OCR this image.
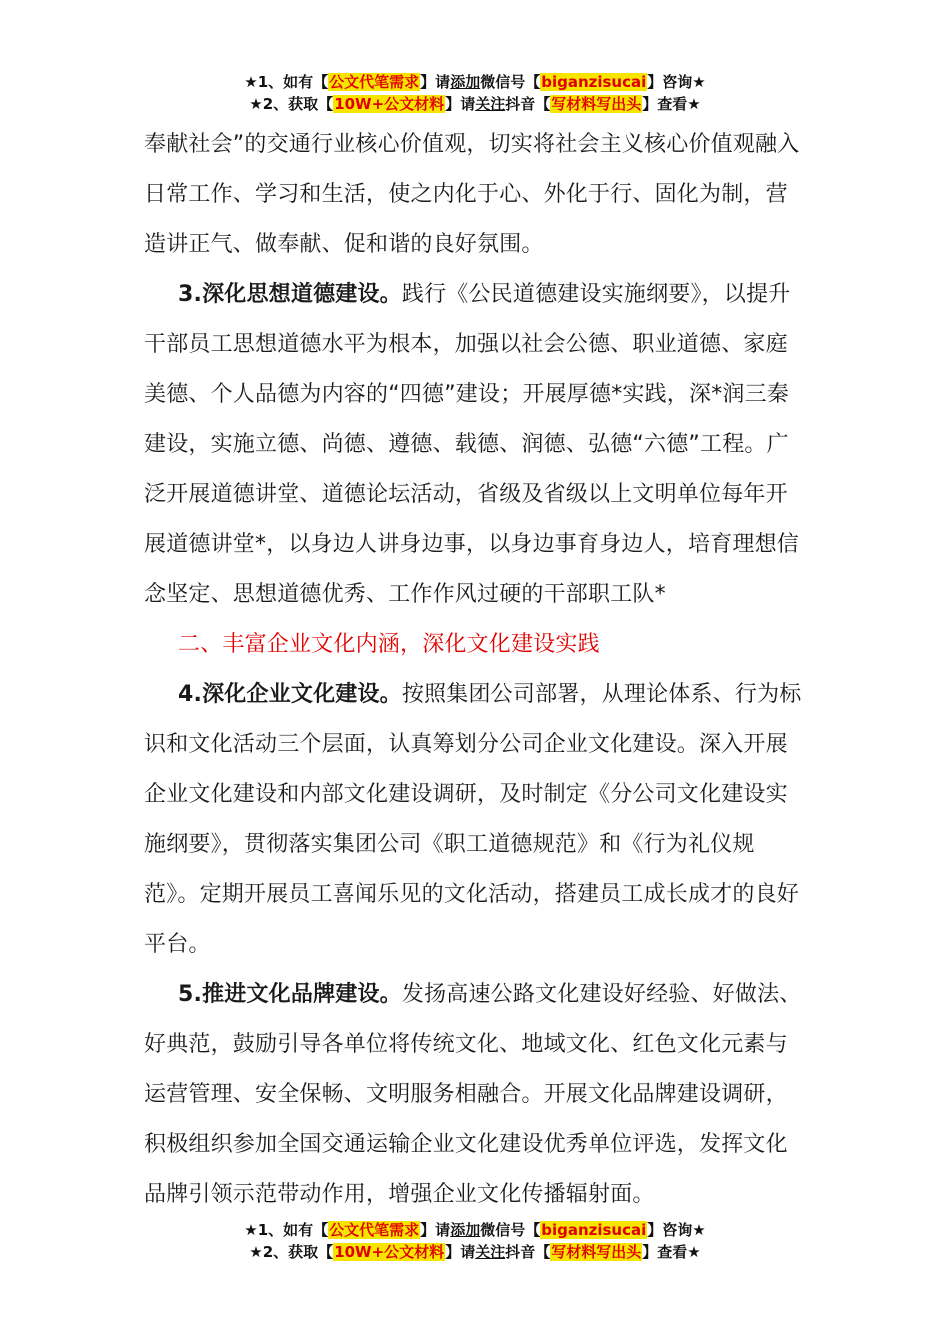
★1、如有【公文代笔需求】请添加微信号【biganzisucai】咨询★
★2、获取【10W+公文材料】请关注抖音【写材料写出头】查看★

奉献社会”的交通行业核心价值观，切实将社会主义核心价值观融入日常工作、学习和生活，使之内化于心、外化于行、固化为制，营造讲正气、做奉献、促和谐的良好氛围。

3.深化思想道德建设。践行《公民道德建设实施纲要》，以提升干部员工思想道德水平为根本，加强以社会公德、职业道德、家庭美德、个人品德为内容的“四德”建设；开展厚德*实践，深*润三秦建设，实施立德、尚德、遵德、载德、润德、弘德“六德”工程。广泛开展道德讲堂、道德论坛活动，省级及省级以上文明单位每年开展道德讲堂*，以身边人讲身边事，以身边事育身边人，培育理想信念坚定、思想道德优秀、工作作风过硬的干部职工队*

二、丰富企业文化内涵，深化文化建设实践

4.深化企业文化建设。按照集团公司部署，从理论体系、行为标识和文化活动三个层面，认真筹划分公司企业文化建设。深入开展企业文化建设和内部文化建设调研，及时制定《分公司文化建设实施纲要》，贯彻落实集团公司《职工道德规范》和《行为礼仪规范》。定期开展员工喜闻乐见的文化活动，搭建员工成长成才的良好平台。

5.推进文化品牌建设。发扬高速公路文化建设好经验、好做法、好典范，鼓励引导各单位将传统文化、地域文化、红色文化元素与运营管理、安全保畅、文明服务相融合。开展文化品牌建设调研，积极组织参加全国交通运输企业文化建设优秀单位评选，发挥文化品牌引领示范带动作用，增强企业文化传播辐射面。

★1、如有【公文代笔需求】请添加微信号【biganzisucai】咨询★
★2、获取【10W+公文材料】请关注抖音【写材料写出头】查看★
